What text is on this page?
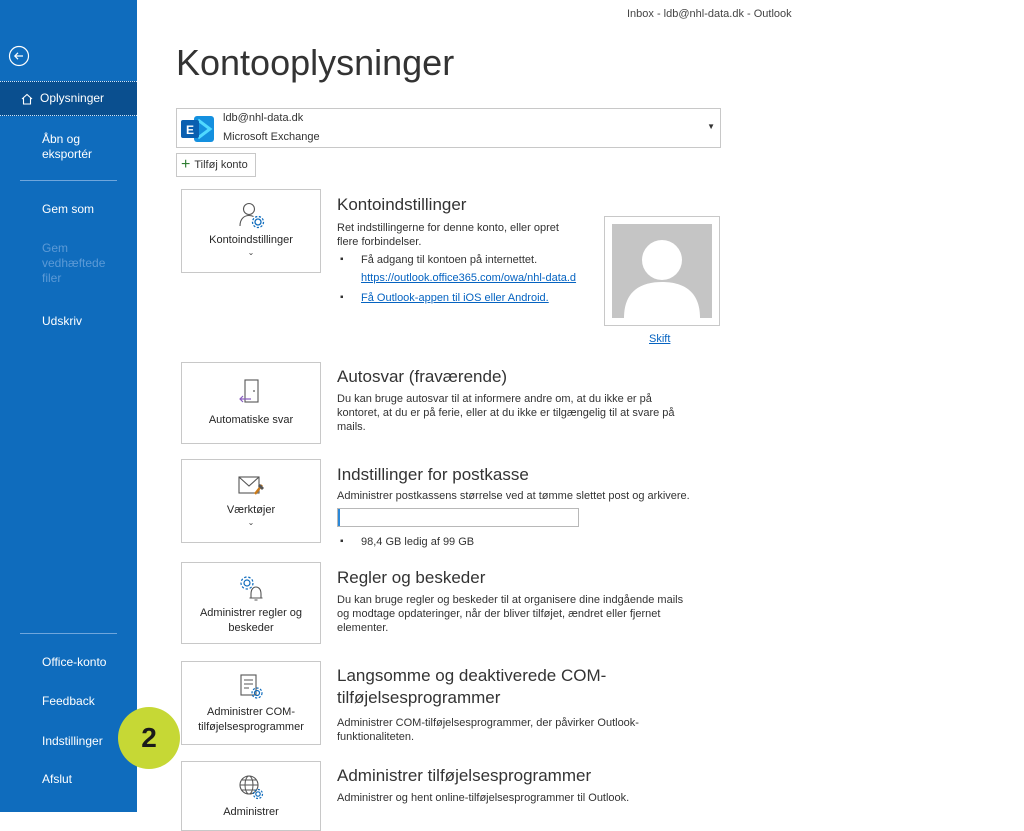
Inbox - ldb@nhl-data.dk - Outlook
Oplysninger
Åbn og
eksportér
Gem som
Gem
vedhæftede
filer
Udskriv
Office-konto
Feedback
Indstillinger
Afslut
Kontooplysninger
E
ldb@nhl-data.dk
Microsoft Exchange
▼
+ Tilføj konto
Kontoindstillinger
⌄
Kontoindstillinger
Ret indstillingerne for denne konto, eller opret
flere forbindelser.
▪ Få adgang til kontoen på internettet.
https://outlook.office365.com/owa/nhl-data.d
▪ Få Outlook-appen til iOS eller Android.
Skift
Automatiske svar
Autosvar (fraværende)
Du kan bruge autosvar til at informere andre om, at du ikke er på
kontoret, at du er på ferie, eller at du ikke er tilgængelig til at svare på
mails.
Værktøjer
⌄
Indstillinger for postkasse
Administrer postkassens størrelse ved at tømme slettet post og arkivere.
▪ 98,4 GB ledig af 99 GB
Administrer regler og
beskeder
Regler og beskeder
Du kan bruge regler og beskeder til at organisere dine indgående mails
og modtage opdateringer, når der bliver tilføjet, ændret eller fjernet
elementer.
Administrer COM-
tilføjelsesprogrammer
Langsomme og deaktiverede COM-
tilføjelsesprogrammer
Administrer COM-tilføjelsesprogrammer, der påvirker Outlook-
funktionaliteten.
Administrer
Administrer tilføjelsesprogrammer
Administrer og hent online-tilføjelsesprogrammer til Outlook.
2
